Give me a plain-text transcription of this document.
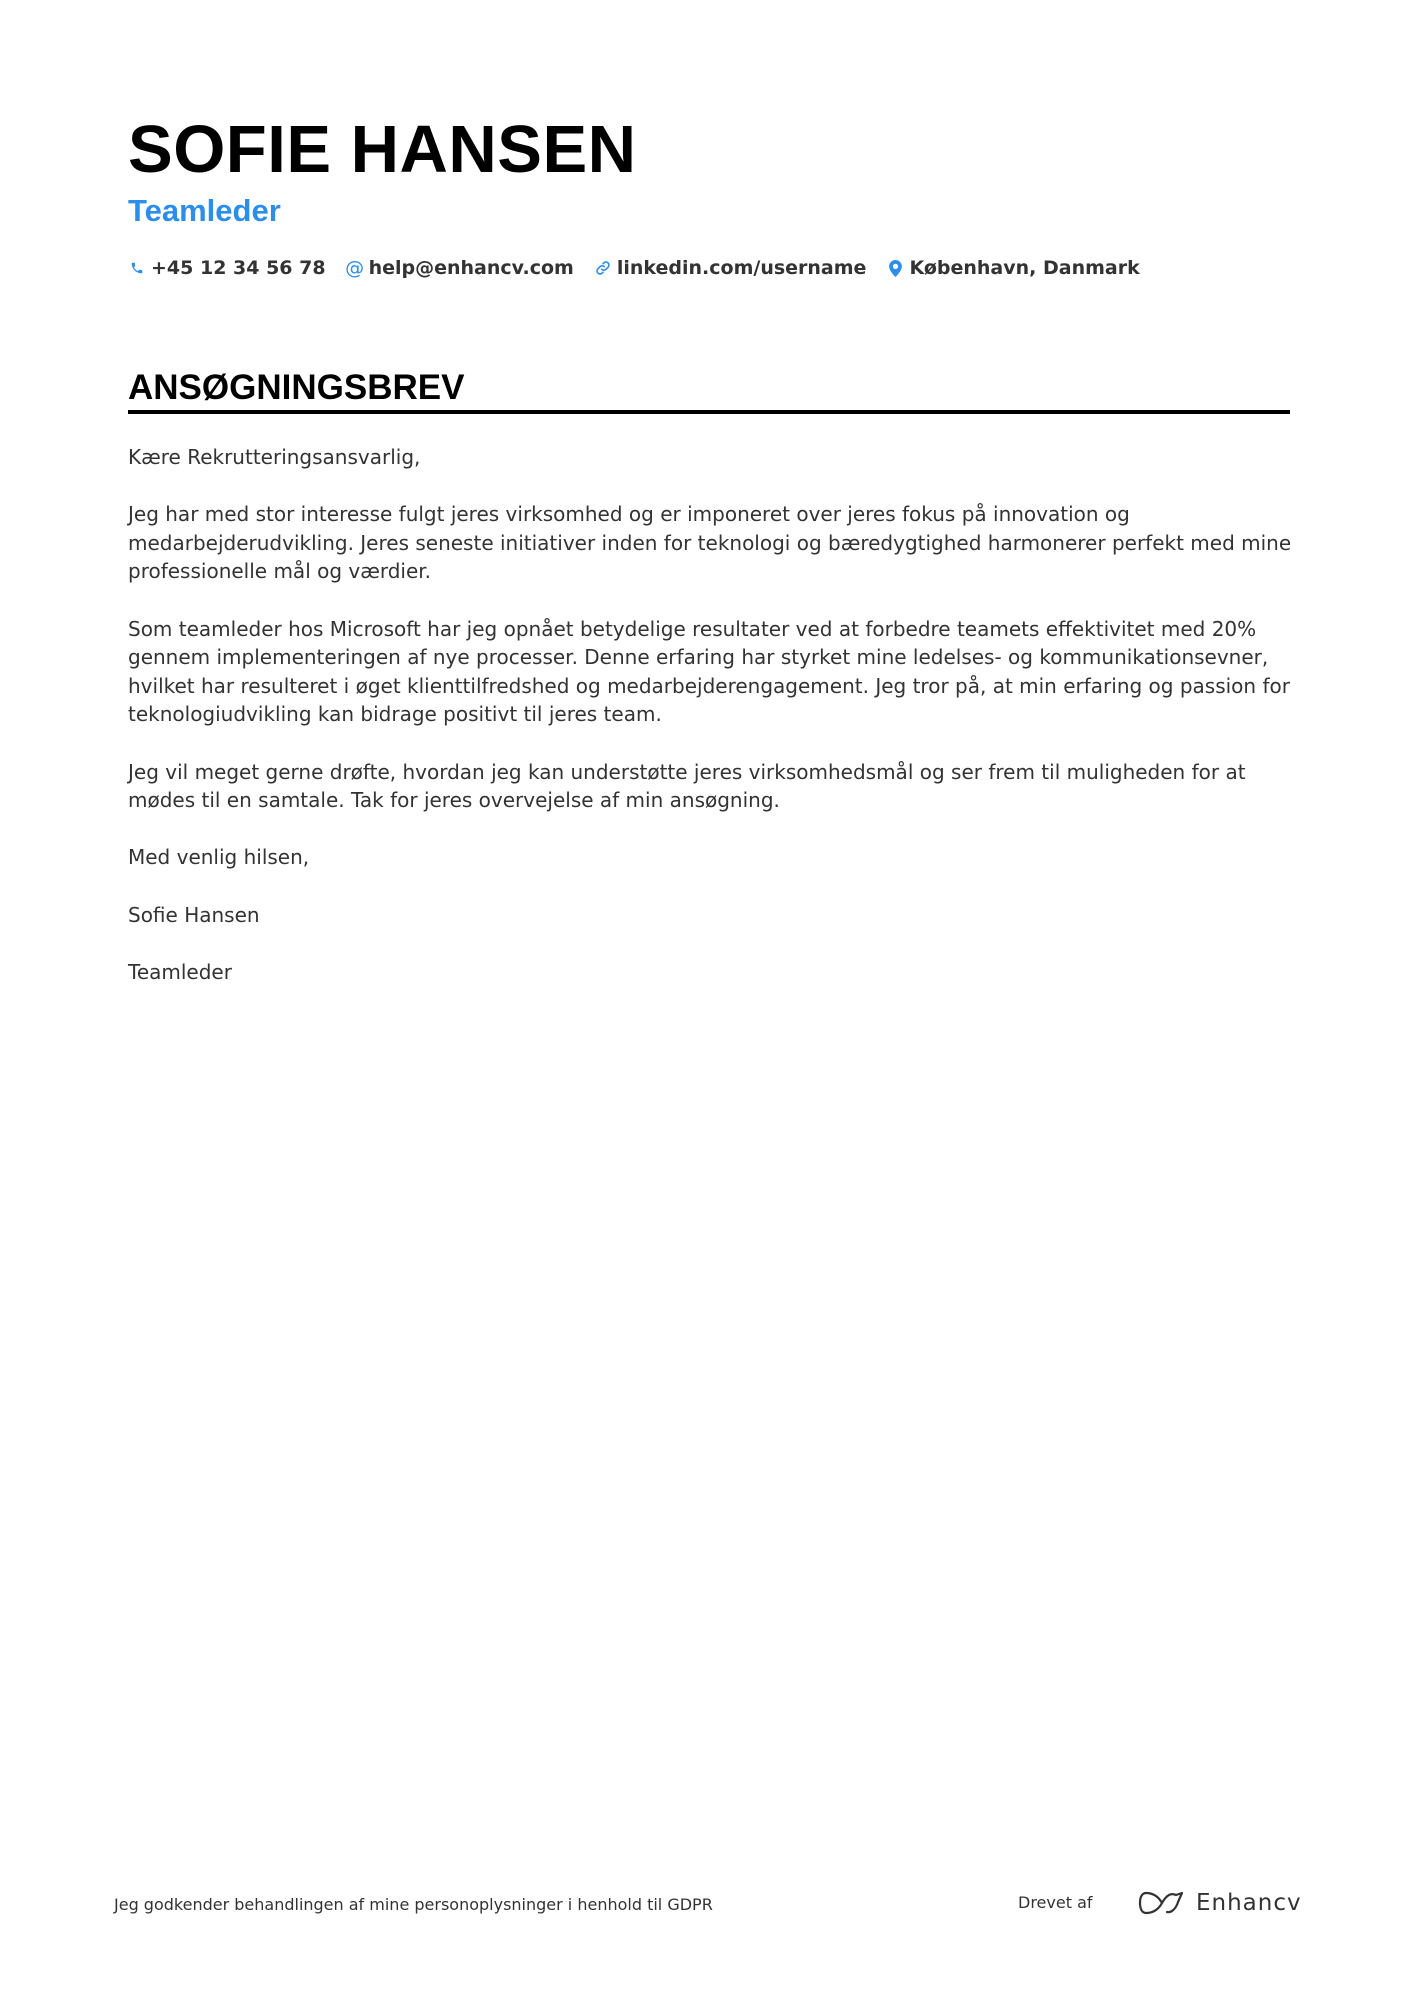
SOFIE HANSEN
Teamleder
+45 12 34 56 78 @ help@enhancv.com linkedin.com/username København, Danmark
ANSØGNINGSBREV

Kære Rekrutteringsansvarlig,

Jeg har med stor interesse fulgt jeres virksomhed og er imponeret over jeres fokus på innovation og medarbejderudvikling. Jeres seneste initiativer inden for teknologi og bæredygtighed harmonerer perfekt med mine professionelle mål og værdier.

Som teamleder hos Microsoft har jeg opnået betydelige resultater ved at forbedre teamets effektivitet med 20% gennem implementeringen af nye processer. Denne erfaring har styrket mine ledelses- og kommunikationsevner, hvilket har resulteret i øget klienttilfredshed og medarbejderengagement. Jeg tror på, at min erfaring og passion for teknologiudvikling kan bidrage positivt til jeres team.

Jeg vil meget gerne drøfte, hvordan jeg kan understøtte jeres virksomhedsmål og ser frem til muligheden for at mødes til en samtale. Tak for jeres overvejelse af min ansøgning.

Med venlig hilsen,

Sofie Hansen

Teamleder

Jeg godkender behandlingen af mine personoplysninger i henhold til GDPR	Drevet af	Enhancv
